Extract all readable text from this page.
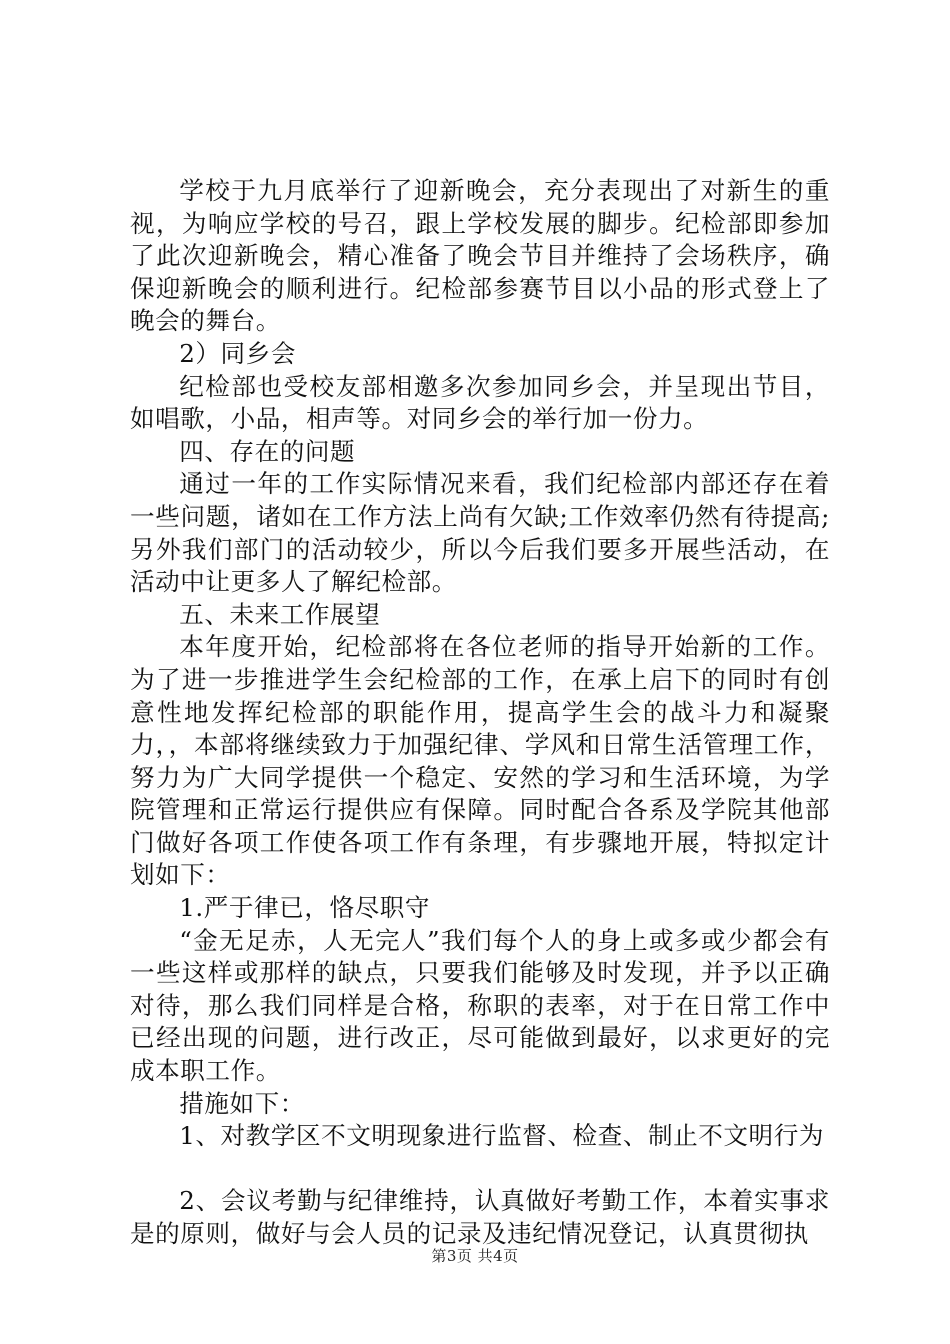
学校于九月底举行了迎新晚会，充分表现出了对新生的重视，为响应学校的号召，跟上学校发展的脚步。纪检部即参加了此次迎新晚会，精心准备了晚会节目并维持了会场秩序，确保迎新晚会的顺利进行。纪检部参赛节目以小品的形式登上了晚会的舞台。

2）同乡会

纪检部也受校友部相邀多次参加同乡会，并呈现出节目，如唱歌，小品，相声等。对同乡会的举行加一份力。

四、存在的问题

通过一年的工作实际情况来看，我们纪检部内部还存在着一些问题，诸如在工作方法上尚有欠缺;工作效率仍然有待提高;另外我们部门的活动较少，所以今后我们要多开展些活动，在活动中让更多人了解纪检部。

五、未来工作展望

本年度开始，纪检部将在各位老师的指导开始新的工作。为了进一步推进学生会纪检部的工作，在承上启下的同时有创意性地发挥纪检部的职能作用，提高学生会的战斗力和凝聚力，，本部将继续致力于加强纪律、学风和日常生活管理工作，努力为广大同学提供一个稳定、安然的学习和生活环境，为学院管理和正常运行提供应有保障。同时配合各系及学院其他部门做好各项工作使各项工作有条理，有步骤地开展，特拟定计划如下：

1.严于律已，恪尽职守

“金无足赤，人无完人”我们每个人的身上或多或少都会有一些这样或那样的缺点，只要我们能够及时发现，并予以正确对待，那么我们同样是合格，称职的表率，对于在日常工作中已经出现的问题，进行改正，尽可能做到最好，以求更好的完成本职工作。

措施如下：

1、对教学区不文明现象进行监督、检查、制止不文明行为

2、会议考勤与纪律维持，认真做好考勤工作，本着实事求是的原则，做好与会人员的记录及违纪情况登记，认真贯彻执

第3页 共4页
